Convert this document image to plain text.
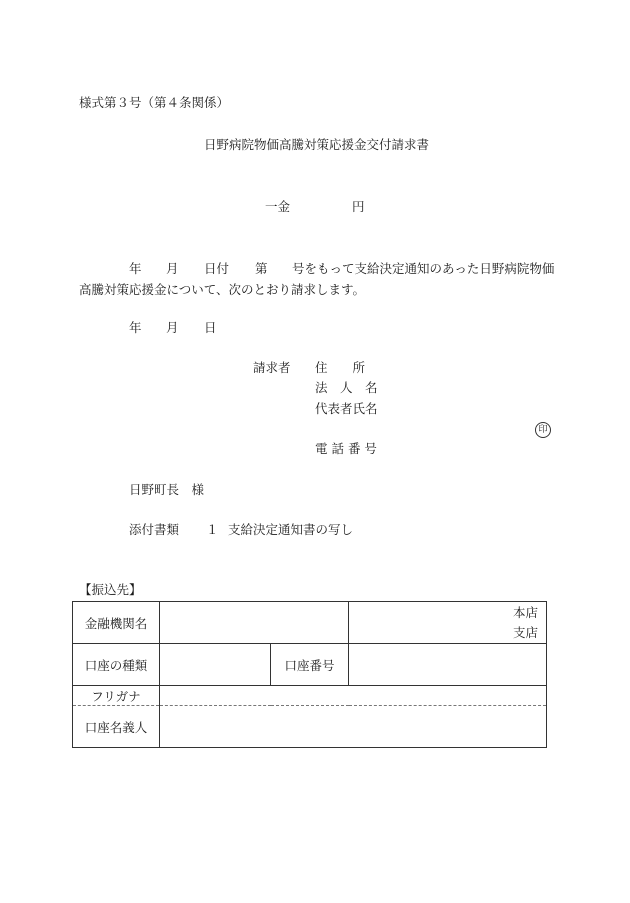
様式第３号（第４条関係）
日野病院物価高騰対策応援金交付請求書
一金	円
年 月 日付 第 号をもって支給決定通知のあった日野病院物価
高騰対策応援金について、次のとおり請求します。
年 月 日
請求者 住　　所
法　人　名
代表者氏名
印
電 話 番 号
日野町長　様
添付書類 １ 支給決定通知書の写し
【振込先】
金融機関名			本店
支店

口座の種類		口座番号	
フリガナ			
口座名義人			
